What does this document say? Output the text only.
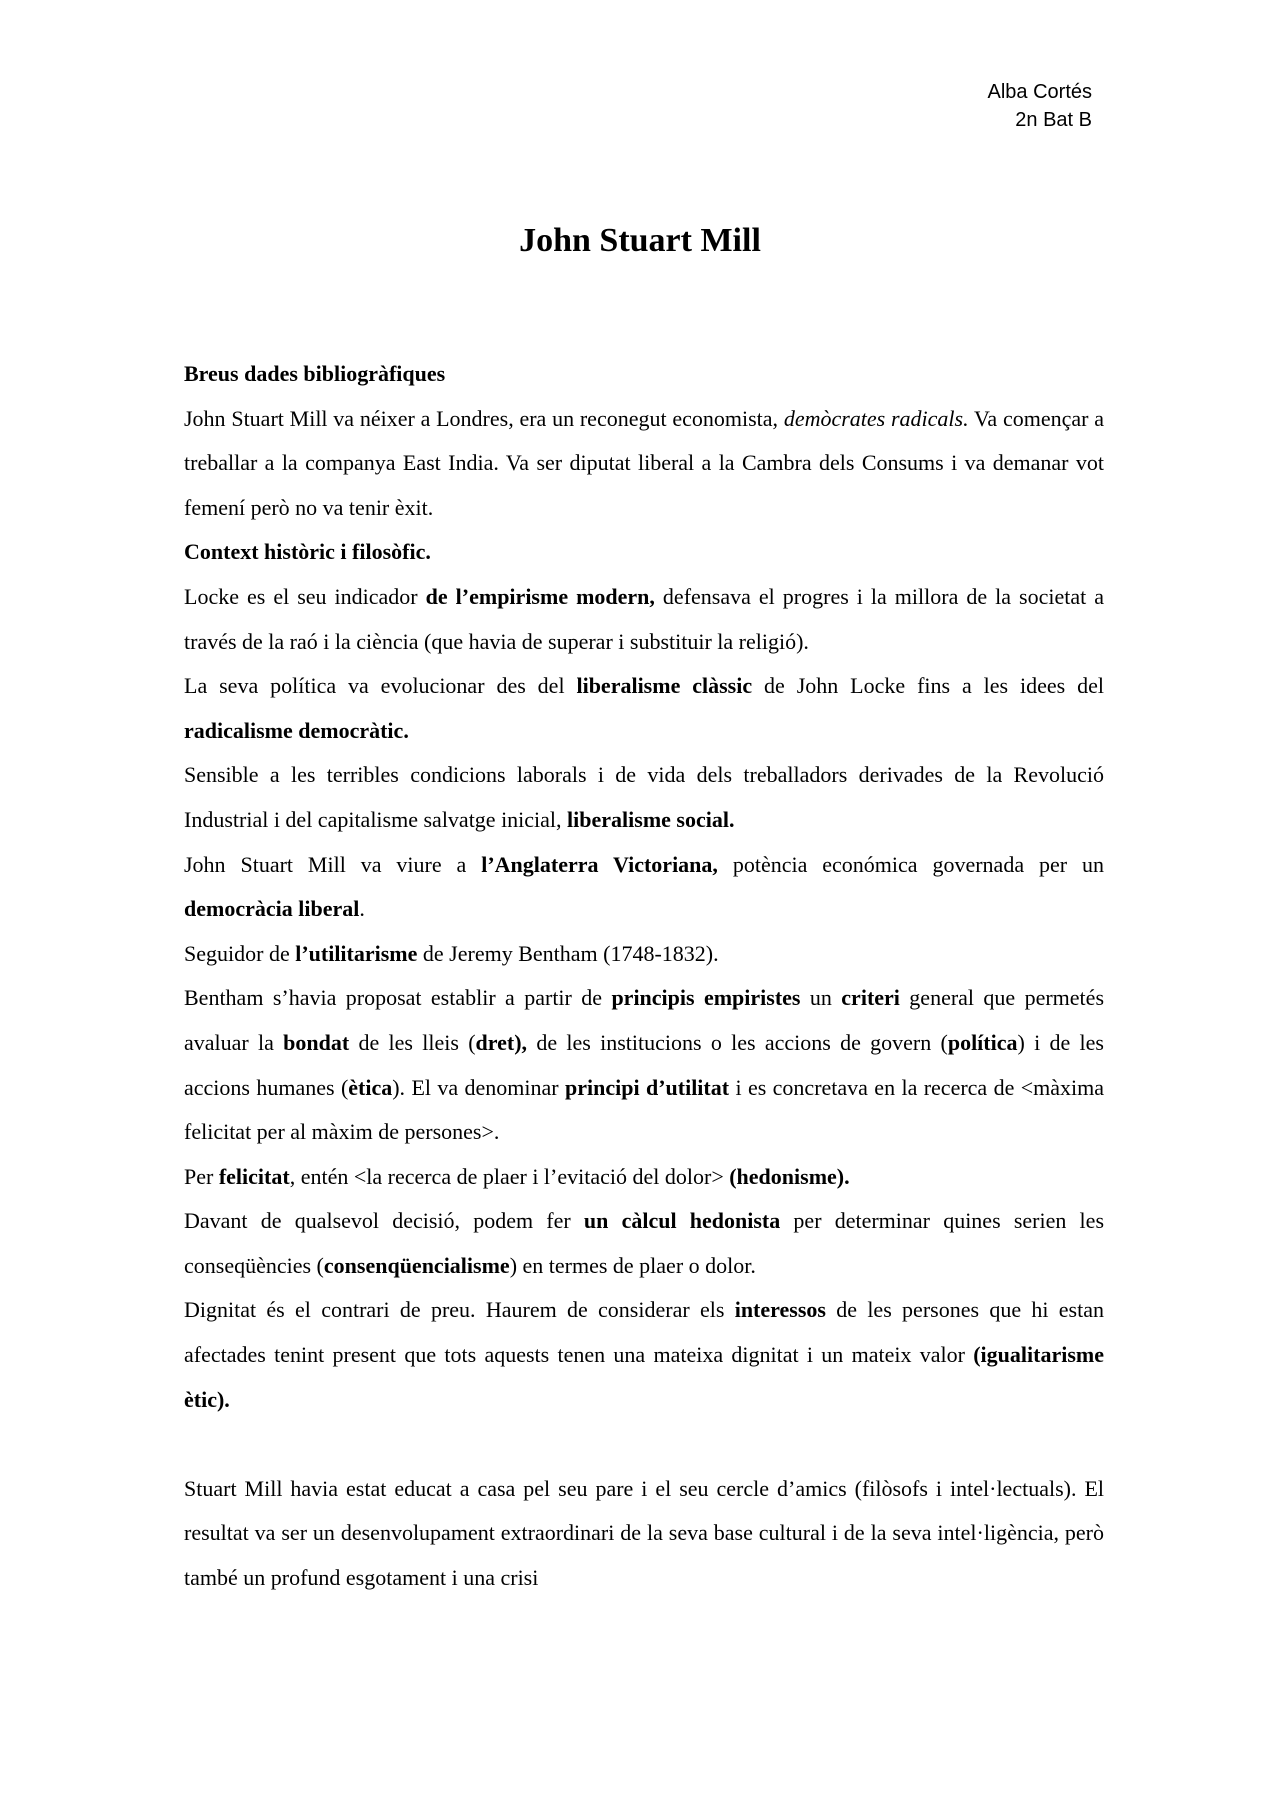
Alba Cortés
2n Bat B
John Stuart Mill
Breus dades bibliogràfiques

John Stuart Mill va néixer a Londres, era un reconegut economista, demòcrates radicals. Va començar a treballar a la companya East India. Va ser diputat liberal a la Cambra dels Consums i va demanar vot femení però no va tenir èxit.

Context històric i filosòfic.

Locke es el seu indicador de l’empirisme modern, defensava el progres i la millora de la societat a través de la raó i la ciència (que havia de superar i substituir la religió).

La seva política va evolucionar des del liberalisme clàssic de John Locke fins a les idees del radicalisme democràtic.

Sensible a les terribles condicions laborals i de vida dels treballadors derivades de la Revolució Industrial i del capitalisme salvatge inicial, liberalisme social.

John Stuart Mill va viure a l’Anglaterra Victoriana, potència económica governada per un democràcia liberal.

Seguidor de l’utilitarisme de Jeremy Bentham (1748-1832).

Bentham s’havia proposat establir a partir de principis empiristes un criteri general que permetés avaluar la bondat de les lleis (dret), de les institucions o les accions de govern (política) i de les accions humanes (ètica). El va denominar principi d’utilitat i es concretava en la recerca de <màxima felicitat per al màxim de persones>.

Per felicitat, entén <la recerca de plaer i l’evitació del dolor> (hedonisme).

Davant de qualsevol decisió, podem fer un càlcul hedonista per determinar quines serien les conseqüències (consenqüencialisme) en termes de plaer o dolor.

Dignitat és el contrari de preu. Haurem de considerar els interessos de les persones que hi estan afectades tenint present que tots aquests tenen una mateixa dignitat i un mateix valor (igualitarisme ètic).

Stuart Mill havia estat educat a casa pel seu pare i el seu cercle d’amics (filòsofs i intel·lectuals). El resultat va ser un desenvolupament extraordinari de la seva base cultural i de la seva intel·ligència, però també un profund esgotament i una crisi
